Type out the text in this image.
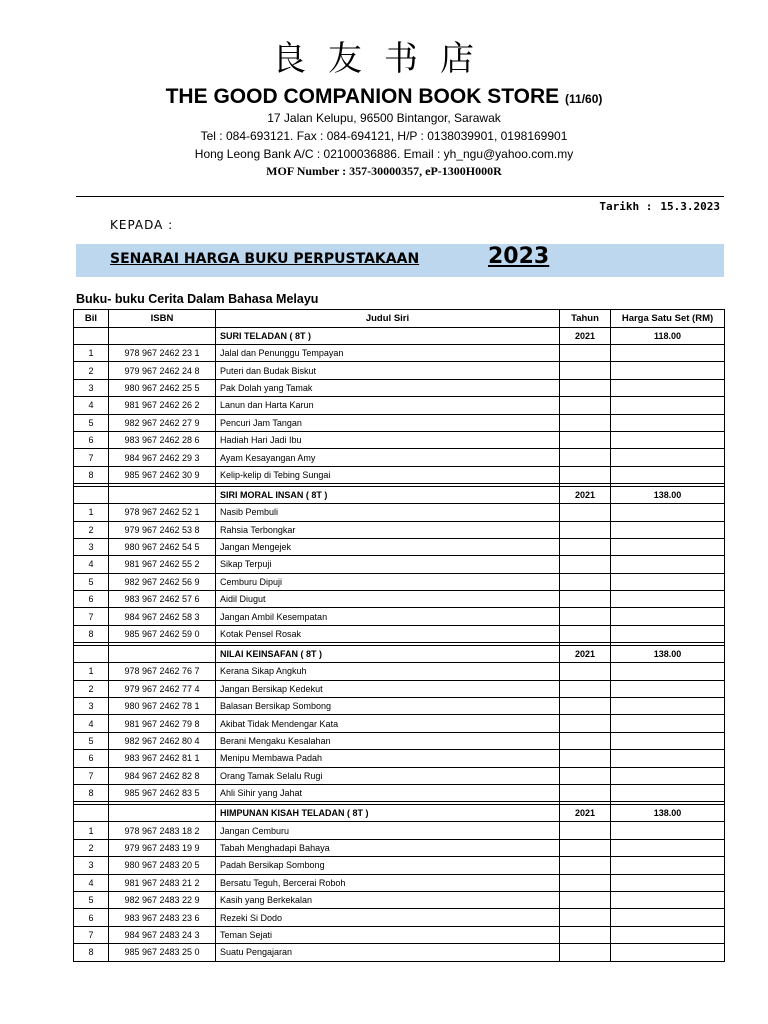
良友书店
THE GOOD COMPANION BOOK STORE (11/60)
17 Jalan Kelupu, 96500 Bintangor, Sarawak
Tel : 084-693121. Fax : 084-694121, H/P : 0138039901, 0198169901
Hong Leong Bank A/C : 02100036886. Email : yh_ngu@yahoo.com.my
MOF Number : 357-30000357, eP-1300H000R
Tarikh : 15.3.2023
KEPADA :
SENARAI HARGA BUKU PERPUSTAKAAN	2023
Buku- buku Cerita Dalam Bahasa Melayu
Bil	ISBN	Judul Siri	Tahun	Harga Satu Set (RM)
		SURI TELADAN ( 8T )	2021	118.00
1	978 967 2462 23 1	Jalal dan Penunggu Tempayan		
2	979 967 2462 24 8	Puteri dan Budak Biskut		
3	980 967 2462 25 5	Pak Dolah yang Tamak		
4	981 967 2462 26 2	Lanun dan Harta Karun		
5	982 967 2462 27 9	Pencuri Jam Tangan		
6	983 967 2462 28 6	Hadiah Hari Jadi Ibu		
7	984 967 2462 29 3	Ayam Kesayangan Amy		
8	985 967 2462 30 9	Kelip-kelip di Tebing Sungai		

		SIRI MORAL INSAN ( 8T )	2021	138.00
1	978 967 2462 52 1	Nasib Pembuli		
2	979 967 2462 53 8	Rahsia Terbongkar		
3	980 967 2462 54 5	Jangan Mengejek		
4	981 967 2462 55 2	Sikap Terpuji		
5	982 967 2462 56 9	Cemburu Dipuji		
6	983 967 2462 57 6	Aidil Diugut		
7	984 967 2462 58 3	Jangan Ambil Kesempatan		
8	985 967 2462 59 0	Kotak Pensel Rosak		

		NILAI KEINSAFAN ( 8T )	2021	138.00
1	978 967 2462 76 7	Kerana Sikap Angkuh		
2	979 967 2462 77 4	Jangan Bersikap Kedekut		
3	980 967 2462 78 1	Balasan Bersikap Sombong		
4	981 967 2462 79 8	Akibat Tidak Mendengar Kata		
5	982 967 2462 80 4	Berani Mengaku Kesalahan		
6	983 967 2462 81 1	Menipu Membawa Padah		
7	984 967 2462 82 8	Orang Tamak Selalu Rugi		
8	985 967 2462 83 5	Ahli Sihir yang Jahat		

		HIMPUNAN KISAH TELADAN ( 8T )	2021	138.00
1	978 967 2483 18 2	Jangan Cemburu		
2	979 967 2483 19 9	Tabah Menghadapi Bahaya		
3	980 967 2483 20 5	Padah Bersikap Sombong		
4	981 967 2483 21 2	Bersatu Teguh, Bercerai Roboh		
5	982 967 2483 22 9	Kasih yang Berkekalan		
6	983 967 2483 23 6	Rezeki Si Dodo		
7	984 967 2483 24 3	Teman Sejati		
8	985 967 2483 25 0	Suatu Pengajaran		
